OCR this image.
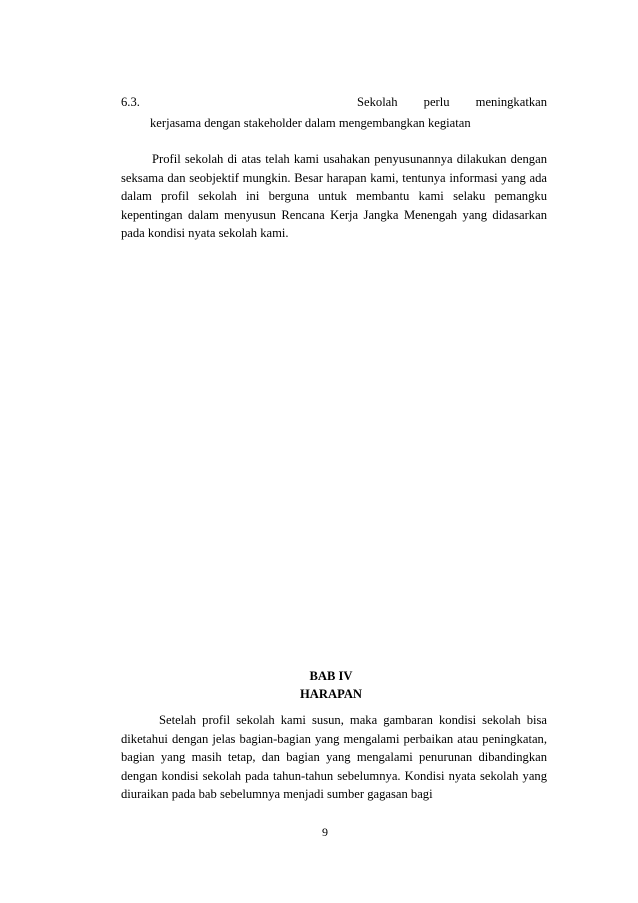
6.3.	Sekolah perlu meningkatkan
kerjasama dengan stakeholder dalam mengembangkan kegiatan

Profil sekolah di atas telah kami usahakan penyusunannya dilakukan dengan seksama dan seobjektif mungkin. Besar harapan kami, tentunya informasi yang ada dalam profil sekolah ini berguna untuk membantu kami selaku pemangku kepentingan dalam menyusun Rencana Kerja Jangka Menengah yang didasarkan pada kondisi nyata sekolah kami.

BAB IV
HARAPAN

Setelah profil sekolah kami susun, maka gambaran kondisi sekolah bisa diketahui dengan jelas bagian-bagian yang mengalami perbaikan atau peningkatan, bagian yang masih tetap, dan bagian yang mengalami penurunan dibandingkan dengan kondisi sekolah pada tahun-tahun sebelumnya. Kondisi nyata sekolah yang diuraikan pada bab sebelumnya menjadi sumber gagasan bagi

9
